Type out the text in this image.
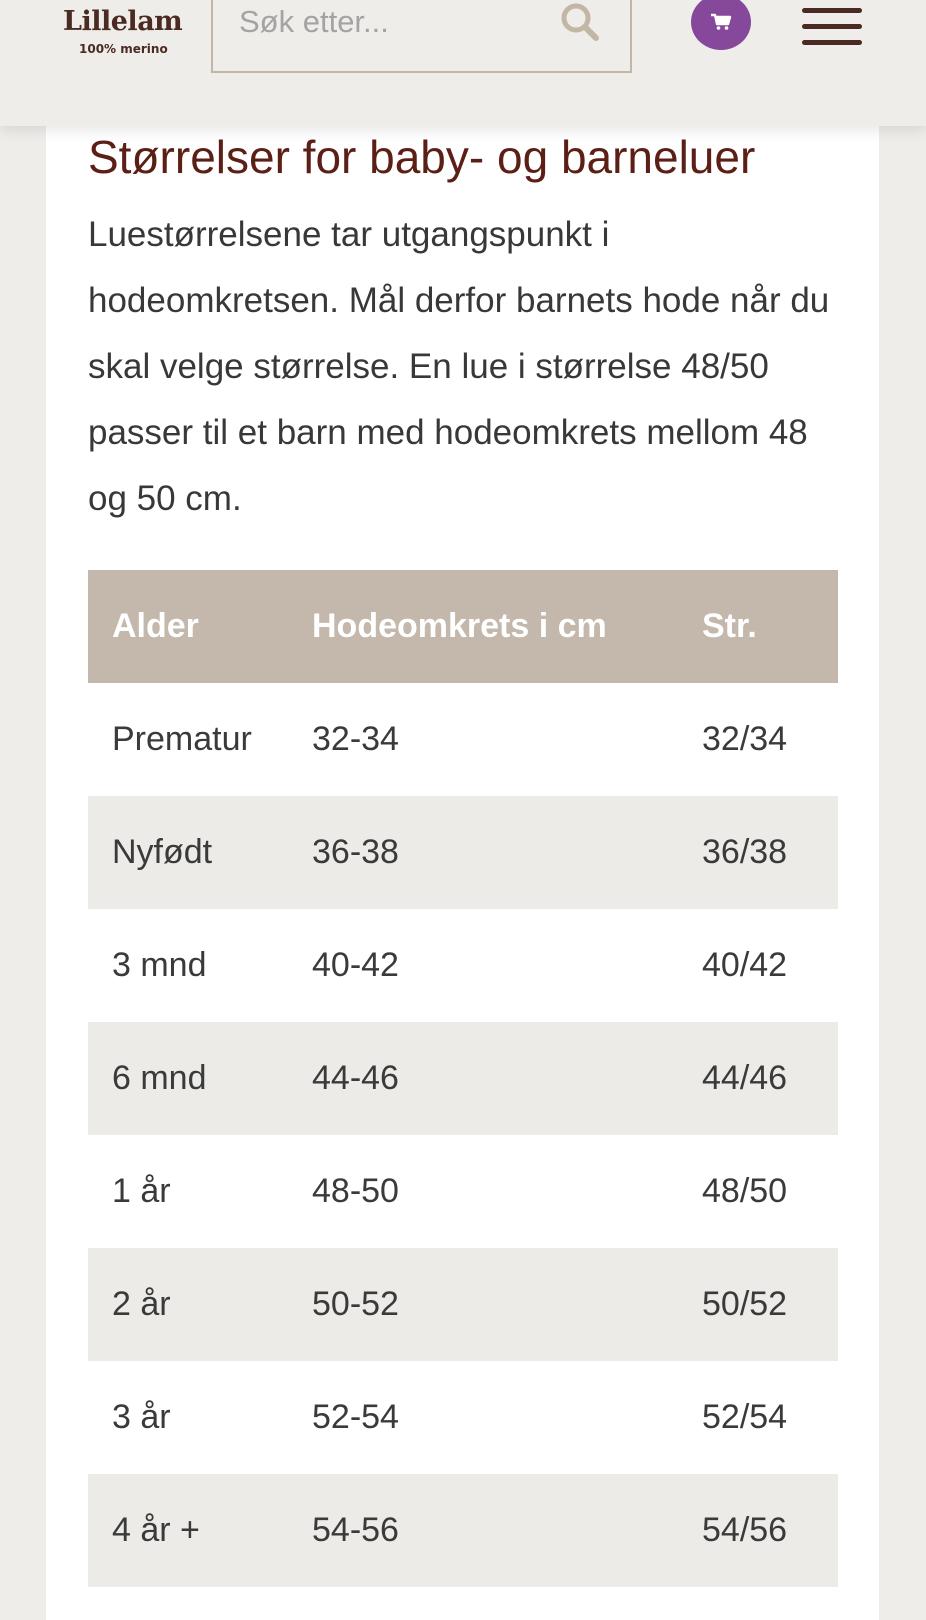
Lillelam
100% merino
Søk etter...
Størrelser for baby- og barneluer

Luestørrelsene tar utgangspunkt i hodeomkretsen. Mål derfor barnets hode når du skal velge størrelse. En lue i størrelse 48/50 passer til et barn med hodeomkrets mellom 48 og 50 cm.

Alder	Hodeomkrets i cm	Str.
Prematur	32-34	32/34
Nyfødt	36-38	36/38
3 mnd	40-42	40/42
6 mnd	44-46	44/46
1 år	48-50	48/50
2 år	50-52	50/52
3 år	52-54	52/54
4 år +	54-56	54/56
